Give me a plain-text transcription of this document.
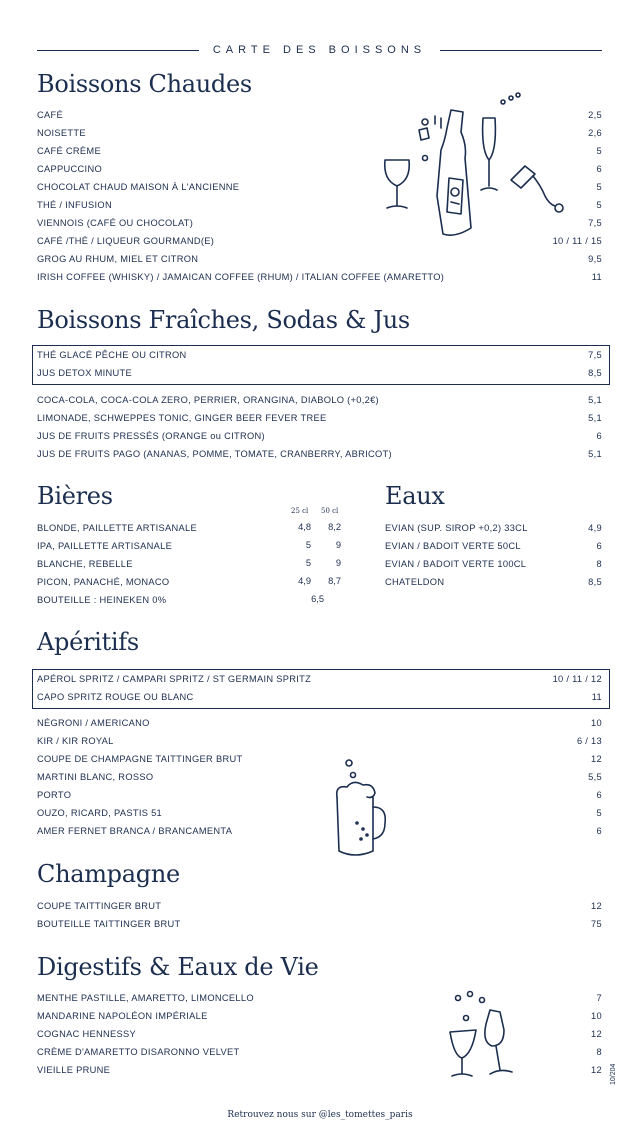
CARTE DES BOISSONS
Boissons Chaudes
CAFÉ	2,5
NOISETTE	2,6
CAFÉ CRÈME	5
CAPPUCCINO	6
CHOCOLAT CHAUD MAISON À L'ANCIENNE	5
THÉ / INFUSION	5
VIENNOIS (CAFÉ OU CHOCOLAT)	7,5
CAFÉ /THÉ / LIQUEUR GOURMAND(E)	10 / 11 / 15
GROG AU RHUM, MIEL ET CITRON	9,5
IRISH COFFEE (WHISKY) / JAMAICAN COFFEE (RHUM) / ITALIAN COFFEE (AMARETTO)	11
Boissons Fraîches, Sodas & Jus
THÉ GLACÉ PÊCHE OU CITRON	7,5
JUS DETOX MINUTE	8,5
COCA-COLA, COCA-COLA ZERO, PERRIER, ORANGINA, DIABOLO (+0,2€)	5,1
LIMONADE, SCHWEPPES TONIC, GINGER BEER FEVER TREE	5,1
JUS DE FRUITS PRESSÉS (ORANGE ou CITRON)	6
JUS DE FRUITS PAGO (ANANAS, POMME, TOMATE, CRANBERRY, ABRICOT)	5,1
Bières
25 cl 50 cl
BLONDE, PAILLETTE ARTISANALE	4,8	8,2
IPA, PAILLETTE ARTISANALE	5	9
BLANCHE, REBELLE	5	9
PICON, PANACHÉ, MONACO	4,9	8,7
BOUTEILLE : HEINEKEN 0%	6,5
Eaux
EVIAN (SUP. SIROP +0,2) 33CL	4,9
EVIAN / BADOIT VERTE 50CL	6
EVIAN / BADOIT VERTE 100CL	8
CHATELDON	8,5
Apéritifs
APÉROL SPRITZ / CAMPARI SPRITZ / ST GERMAIN SPRITZ	10 / 11 / 12
CAPO SPRITZ ROUGE OU BLANC	11
NÉGRONI / AMERICANO	10
KIR / KIR ROYAL	6 / 13
COUPE DE CHAMPAGNE TAITTINGER BRUT	12
MARTINI BLANC, ROSSO	5,5
PORTO	6
OUZO, RICARD, PASTIS 51	5
AMER FERNET BRANCA / BRANCAMENTA	6
Champagne
COUPE TAITTINGER BRUT	12
BOUTEILLE TAITTINGER BRUT	75
Digestifs & Eaux de Vie
MENTHE PASTILLE, AMARETTO, LIMONCELLO	7
MANDARINE NAPOLÉON IMPÉRIALE	10
COGNAC HENNESSY	12
CRÈME D'AMARETTO DISARONNO VELVET	8
VIEILLE PRUNE	12
Retrouvez nous sur @les_tomettes_paris
10/204
